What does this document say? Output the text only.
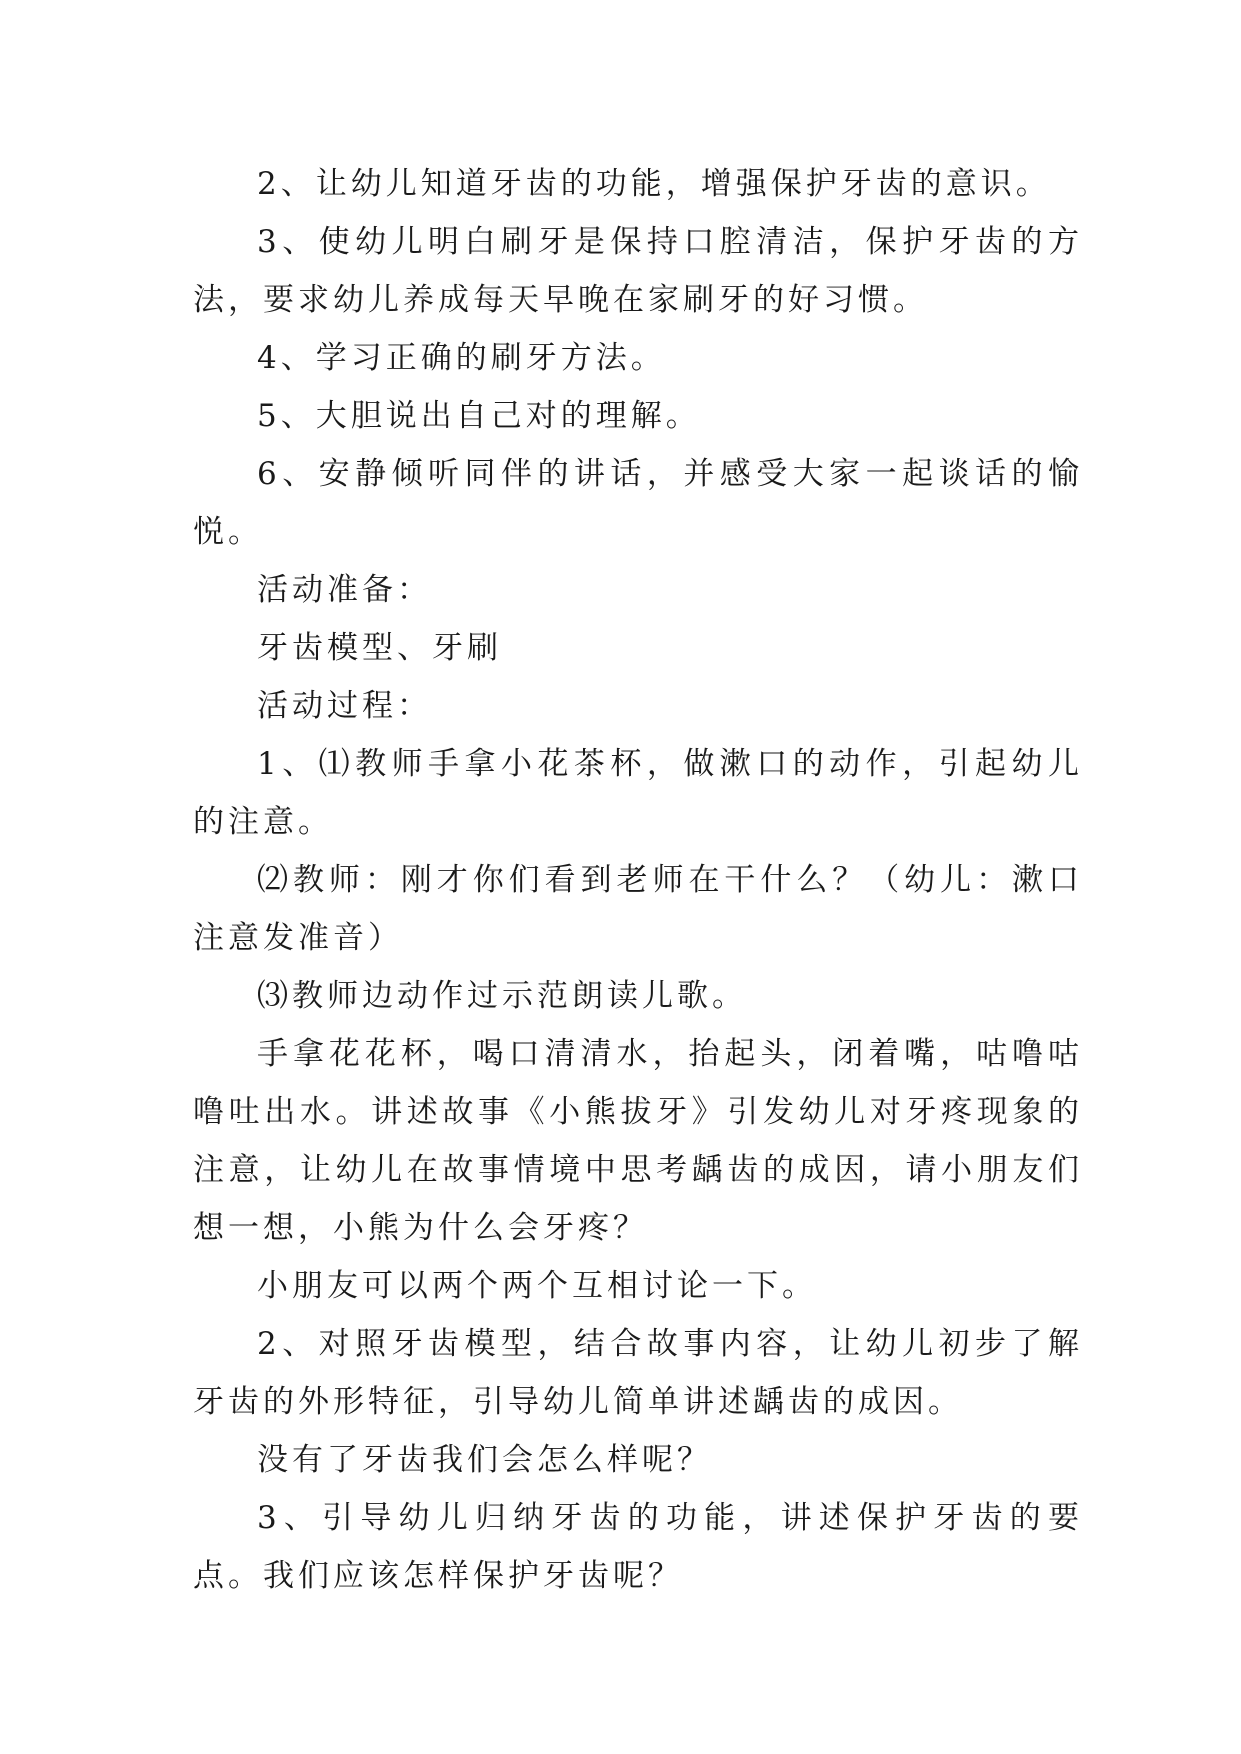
2、让幼儿知道牙齿的功能，增强保护牙齿的意识。

3、使幼儿明白刷牙是保持口腔清洁，保护牙齿的方法，要求幼儿养成每天早晚在家刷牙的好习惯。

4、学习正确的刷牙方法。

5、大胆说出自己对的理解。

6、安静倾听同伴的讲话，并感受大家一起谈话的愉悦。

活动准备：

牙齿模型、牙刷

活动过程：

1、⑴教师手拿小花茶杯，做漱口的动作，引起幼儿的注意。

⑵教师：刚才你们看到老师在干什么？（幼儿：漱口注意发准音）

⑶教师边动作过示范朗读儿歌。

手拿花花杯，喝口清清水，抬起头，闭着嘴，咕噜咕噜吐出水。讲述故事《小熊拔牙》引发幼儿对牙疼现象的注意，让幼儿在故事情境中思考龋齿的成因，请小朋友们想一想，小熊为什么会牙疼？

小朋友可以两个两个互相讨论一下。

2、对照牙齿模型，结合故事内容，让幼儿初步了解牙齿的外形特征，引导幼儿简单讲述龋齿的成因。

没有了牙齿我们会怎么样呢？

3、引导幼儿归纳牙齿的功能，讲述保护牙齿的要点。我们应该怎样保护牙齿呢？
